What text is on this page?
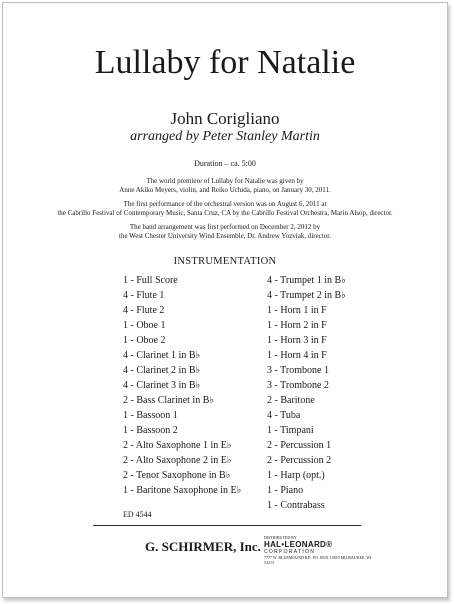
Lullaby for Natalie
John Corigliano
arranged by Peter Stanley Martin
Duration – ca. 5:00

The world premiere of Lullaby for Natalie was given by
Anne Akiko Meyers, violin, and Reiko Uchida, piano, on January 30, 2011.

The first performance of the orchestral version was on August 6, 2011 at
the Cabrillo Festival of Contemporary Music, Santa Cruz, CA by the Cabrillo Festival Orchestra, Marin Alsop, director.

The band arrangement was first performed on December 2, 2012 by
the West Chester University Wind Ensemble, Dr. Andrew Yozviak, director.

INSTRUMENTATION
1 - Full Score
4 - Flute 1
4 - Flute 2
1 - Oboe 1
1 - Oboe 2
4 - Clarinet 1 in B♭
4 - Clarinet 2 in B♭
4 - Clarinet 3 in B♭
2 - Bass Clarinet in B♭
1 - Bassoon 1
1 - Bassoon 2
2 - Alto Saxophone 1 in E♭
2 - Alto Saxophone 2 in E♭
2 - Tenor Saxophone in B♭
1 - Baritone Saxophone in E♭
4 - Trumpet 1 in B♭
4 - Trumpet 2 in B♭
1 - Horn 1 in F
1 - Horn 2 in F
1 - Horn 3 in F
1 - Horn 4 in F
3 - Trombone 1
3 - Trombone 2
2 - Baritone
4 - Tuba
1 - Timpani
2 - Percussion 1
2 - Percussion 2
1 - Harp (opt.)
1 - Piano
1 - Contrabass
ED 4544
G. SCHIRMER, Inc.
DISTRIBUTED BY
HAL•LEONARD®
CORPORATION
7777 W. BLUEMOUND RD. P.O. BOX 13819 MILWAUKEE, WI 53213
